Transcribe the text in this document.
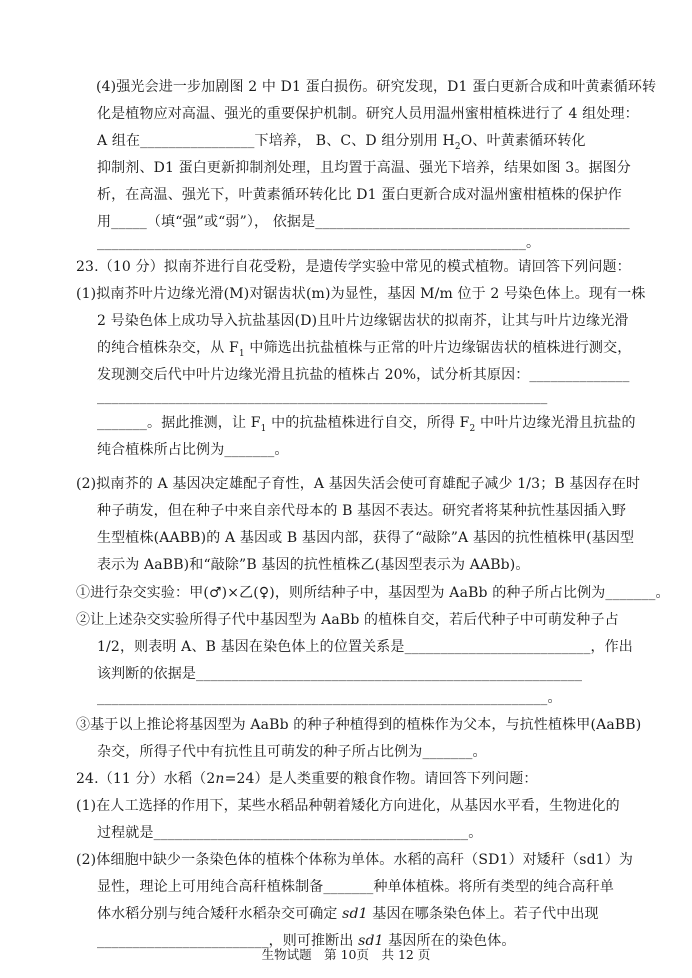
(4)强光会进一步加剧图 2 中 D1 蛋白损伤。研究发现，D1 蛋白更新合成和叶黄素循环转
化是植物应对高温、强光的重要保护机制。研究人员用温州蜜柑植株进行了 4 组处理：
A 组在________________下培养， B、C、D 组分别用 $H_2O$、叶黄素循环转化
抑制剂、D1 蛋白更新抑制剂处理，且均置于高温、强光下培养，结果如图 3。据图分
析，在高温、强光下，叶黄素循环转化比 D1 蛋白更新合成对温州蜜柑植株的保护作
用_____（填“强”或“弱”）， 依据是____________________________________________
____________________________________________________________。
23.（10 分）拟南芥进行自花受粉，是遗传学实验中常见的模式植物。请回答下列问题：
(1)拟南芥叶片边缘光滑(M)对锯齿状(m)为显性，基因 M/m 位于 2 号染色体上。现有一株
2 号染色体上成功导入抗盐基因(D)且叶片边缘锯齿状的拟南芥，让其与叶片边缘光滑
的纯合植株杂交，从 $F_1$ 中筛选出抗盐植株与正常的叶片边缘锯齿状的植株进行测交，
发现测交后代中叶片边缘光滑且抗盐的植株占 20%，试分析其原因：______________
_______________________________________________________________
_______。据此推测，让 $F_1$ 中的抗盐植株进行自交，所得 $F_2$ 中叶片边缘光滑且抗盐的
纯合植株所占比例为_______。
(2)拟南芥的 A 基因决定雄配子育性，A 基因失活会使可育雄配子减少 1/3；B 基因存在时
种子萌发，但在种子中来自亲代母本的 B 基因不表达。研究者将某种抗性基因插入野
生型植株(AABB)的 A 基因或 B 基因内部，获得了“敲除”A 基因的抗性植株甲(基因型
表示为 AaBB)和“敲除”B 基因的抗性植株乙(基因型表示为 AABb)。
①进行杂交实验：甲(♂)×乙(♀)，则所结种子中，基因型为 AaBb 的种子所占比例为_______。
②让上述杂交实验所得子代中基因型为 AaBb 的植株自交，若后代种子中可萌发种子占
1/2，则表明 A、B 基因在染色体上的位置关系是__________________________，作出
该判断的依据是______________________________________________________
_______________________________________________________________。
③基于以上推论将基因型为 AaBb 的种子种植得到的植株作为父本，与抗性植株甲(AaBB)
杂交，所得子代中有抗性且可萌发的种子所占比例为_______。
24.（11 分）水稻（2n=24）是人类重要的粮食作物。请回答下列问题：
(1)在人工选择的作用下，某些水稻品种朝着矮化方向进化，从基因水平看，生物进化的
过程就是____________________________________________。
(2)体细胞中缺少一条染色体的植株个体称为单体。水稻的高秆（SD1）对矮秆（sd1）为
显性，理论上可用纯合高秆植株制备_______种单体植株。将所有类型的纯合高秆单
体水稻分别与纯合矮秆水稻杂交可确定 sd1 基因在哪条染色体上。若子代中出现
________________________，则可推断出 sd1 基因所在的染色体。
生物试题　第 10页　共 12 页
